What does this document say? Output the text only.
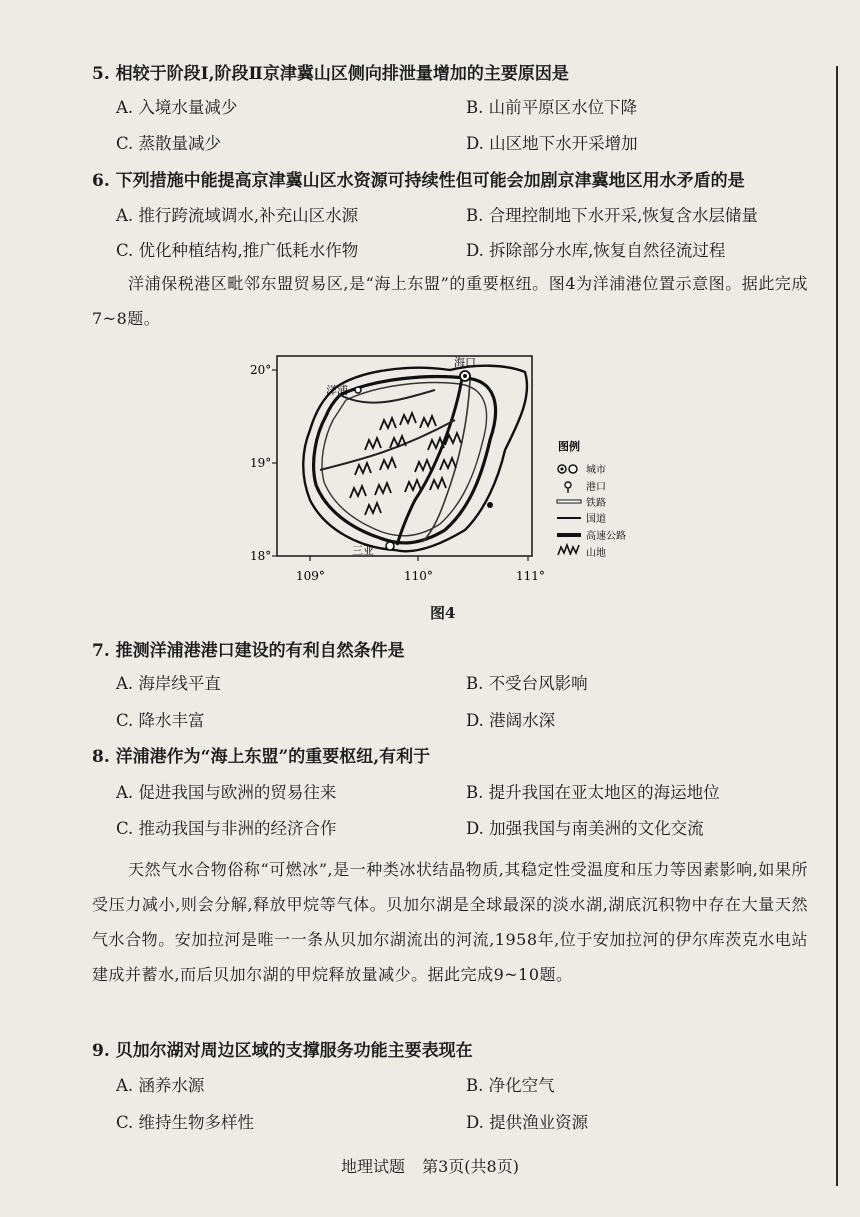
5. 相较于阶段Ⅰ,阶段Ⅱ京津冀山区侧向排泄量增加的主要原因是
A. 入境水量减少	B. 山前平原区水位下降
C. 蒸散量减少	D. 山区地下水开采增加
6. 下列措施中能提高京津冀山区水资源可持续性但可能会加剧京津冀地区用水矛盾的是
A. 推行跨流域调水,补充山区水源	B. 合理控制地下水开采,恢复含水层储量
C. 优化种植结构,推广低耗水作物	D. 拆除部分水库,恢复自然径流过程
洋浦保税港区毗邻东盟贸易区,是“海上东盟”的重要枢纽。图4为洋浦港位置示意图。据此完成7~8题。
20°
19°
18°
109°	110°	111°
海口
洋浦
三亚
图例
城市
港口
铁路
国道
高速公路
山地
图4
7. 推测洋浦港港口建设的有利自然条件是
A. 海岸线平直	B. 不受台风影响
C. 降水丰富	D. 港阔水深
8. 洋浦港作为“海上东盟”的重要枢纽,有利于
A. 促进我国与欧洲的贸易往来	B. 提升我国在亚太地区的海运地位
C. 推动我国与非洲的经济合作	D. 加强我国与南美洲的文化交流
天然气水合物俗称“可燃冰”,是一种类冰状结晶物质,其稳定性受温度和压力等因素影响,如果所受压力减小,则会分解,释放甲烷等气体。贝加尔湖是全球最深的淡水湖,湖底沉积物中存在大量天然气水合物。安加拉河是唯一一条从贝加尔湖流出的河流,1958年,位于安加拉河的伊尔库茨克水电站建成并蓄水,而后贝加尔湖的甲烷释放量减少。据此完成9~10题。
9. 贝加尔湖对周边区域的支撑服务功能主要表现在
A. 涵养水源	B. 净化空气
C. 维持生物多样性	D. 提供渔业资源
地理试题 第3页(共8页)
